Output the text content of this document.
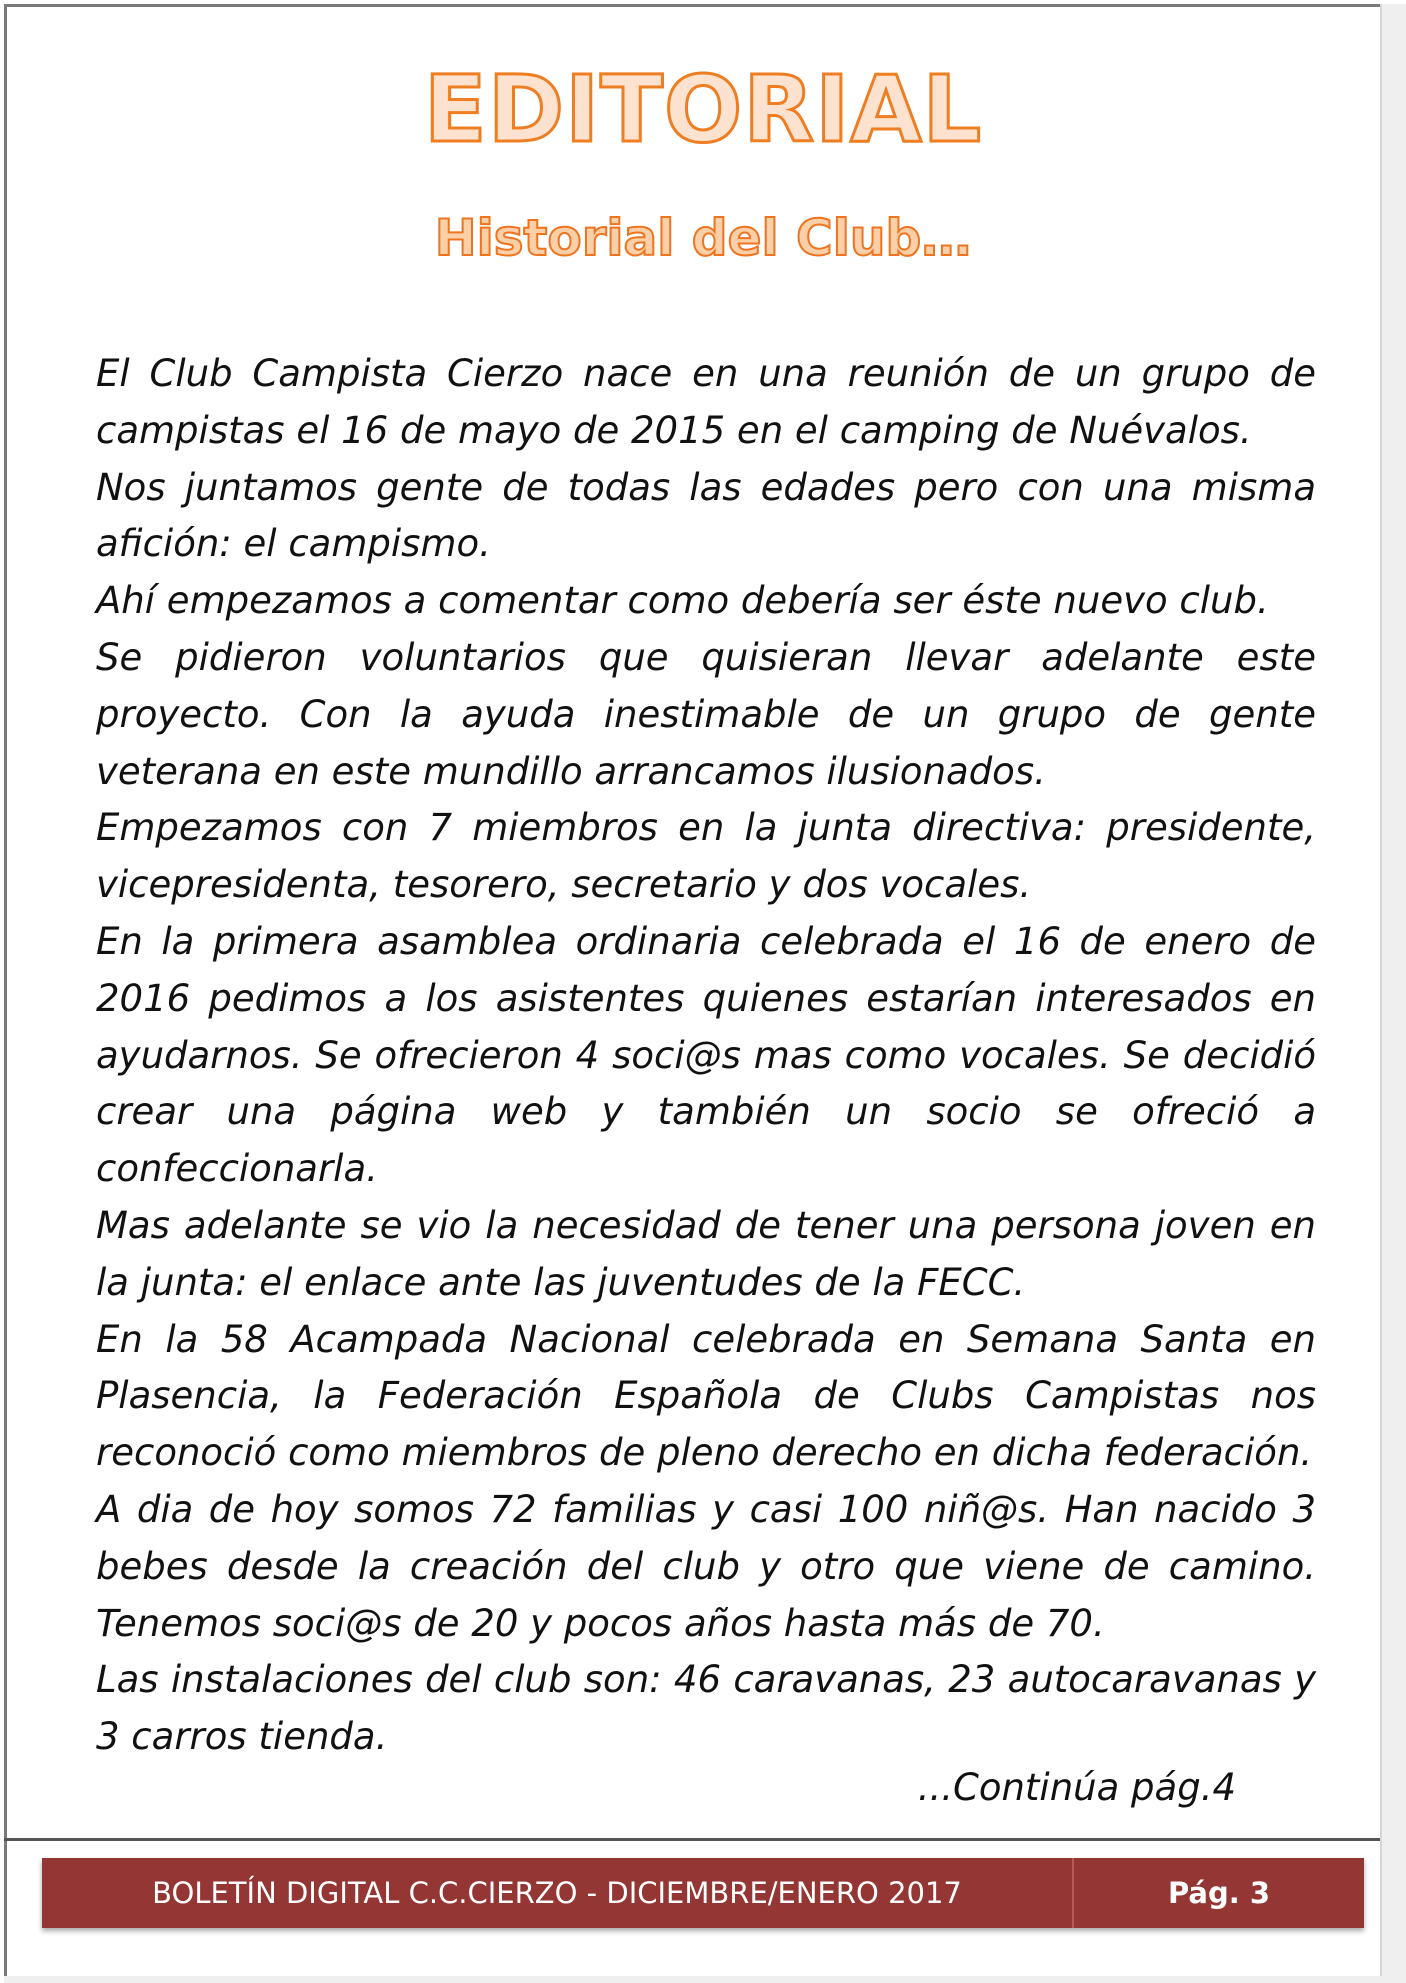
EDITORIAL
Historial del Club…

El Club Campista Cierzo nace en una reunión de un grupo de campistas el 16 de mayo de 2015 en el camping de Nuévalos.

Nos juntamos gente de todas las edades pero con una misma afición: el campismo.

Ahí empezamos a comentar como debería ser éste nuevo club.

Se pidieron voluntarios que quisieran llevar adelante este proyecto. Con la ayuda inestimable de un grupo de gente veterana en este mundillo arrancamos ilusionados.

Empezamos con 7 miembros en la junta directiva: presidente, vicepresidenta, tesorero, secretario y dos vocales.

En la primera asamblea ordinaria celebrada el 16 de enero de 2016 pedimos a los asistentes quienes estarían interesados en ayudarnos. Se ofrecieron 4 soci@s mas como vocales. Se decidió crear una página web y también un socio se ofreció a confeccionarla.

Mas adelante se vio la necesidad de tener una persona joven en la junta: el enlace ante las juventudes de la FECC.

En la 58 Acampada Nacional celebrada en Semana Santa en Plasencia, la Federación Española de Clubs Campistas nos reconoció como miembros de pleno derecho en dicha federación.

A dia de hoy somos 72 familias y casi 100 niñ@s. Han nacido 3 bebes desde la creación del club y otro que viene de camino. Tenemos soci@s de 20 y pocos años hasta más de 70.

Las instalaciones del club son: 46 caravanas, 23 autocaravanas y 3 carros tienda.

...Continúa pág.4
BOLETÍN DIGITAL C.C.CIERZO - DICIEMBRE/ENERO 2017	Pág. 3
